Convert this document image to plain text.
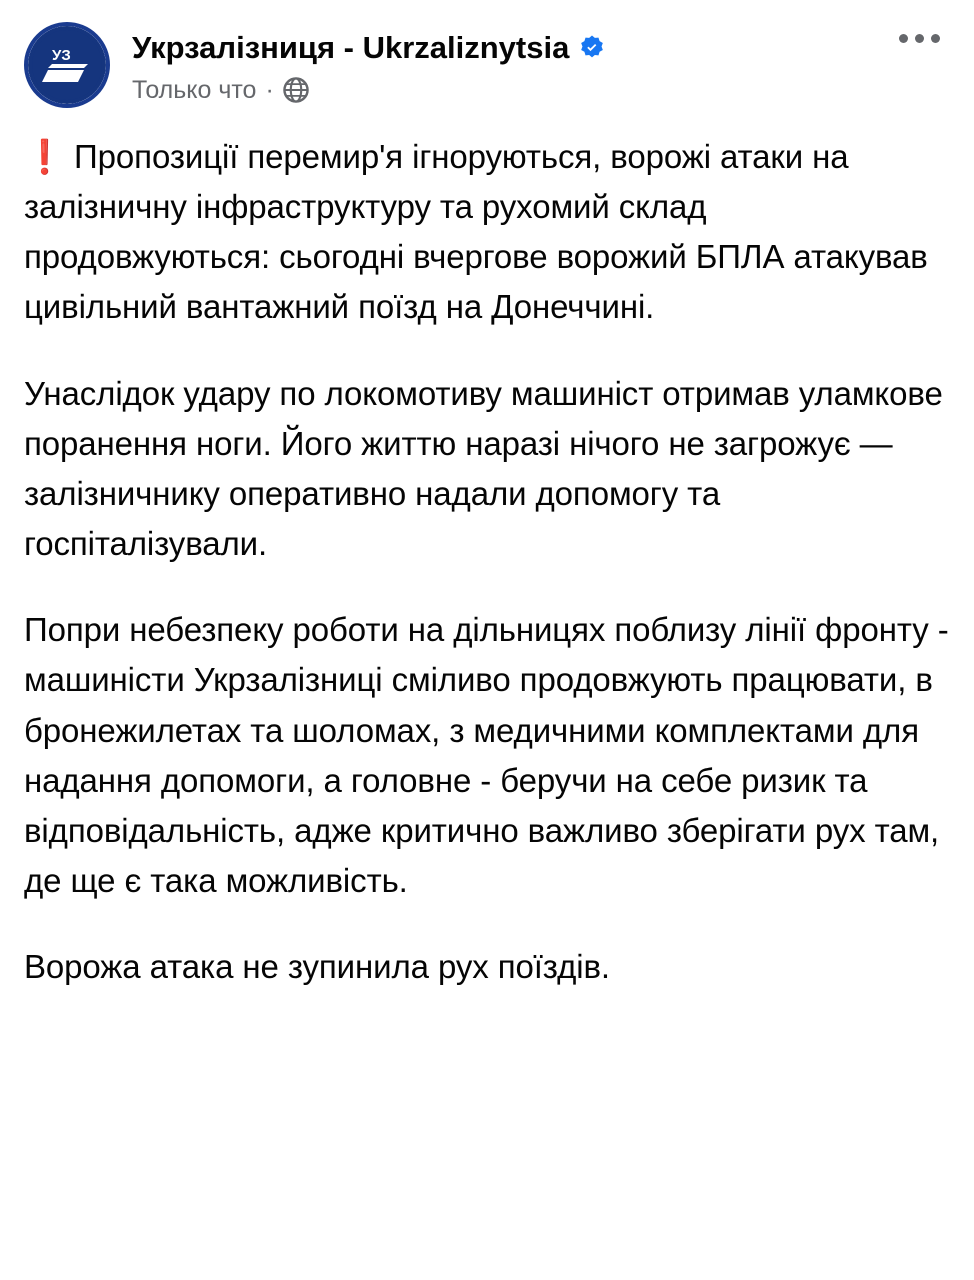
УЗ Укрзалізниця - Ukrzaliznytsia
Только что ·

❗ Пропозиції перемир'я ігноруються, ворожі атаки на залізничну інфраструктуру та рухомий склад продовжуються: сьогодні вчергове ворожий БПЛА атакував цивільний вантажний поїзд на Донеччині.

Унаслідок удару по локомотиву машиніст отримав уламкове поранення ноги. Його життю наразі нічого не загрожує — залізничнику оперативно надали допомогу та госпіталізували.

Попри небезпеку роботи на дільницях поблизу лінії фронту - машиністи Укрзалізниці сміливо продовжують працювати, в бронежилетах та шоломах, з медичними комплектами для надання допомоги, а головне - беручи на себе ризик та відповідальність, адже критично важливо зберігати рух там, де ще є така можливість.

Ворожа атака не зупинила рух поїздів.
